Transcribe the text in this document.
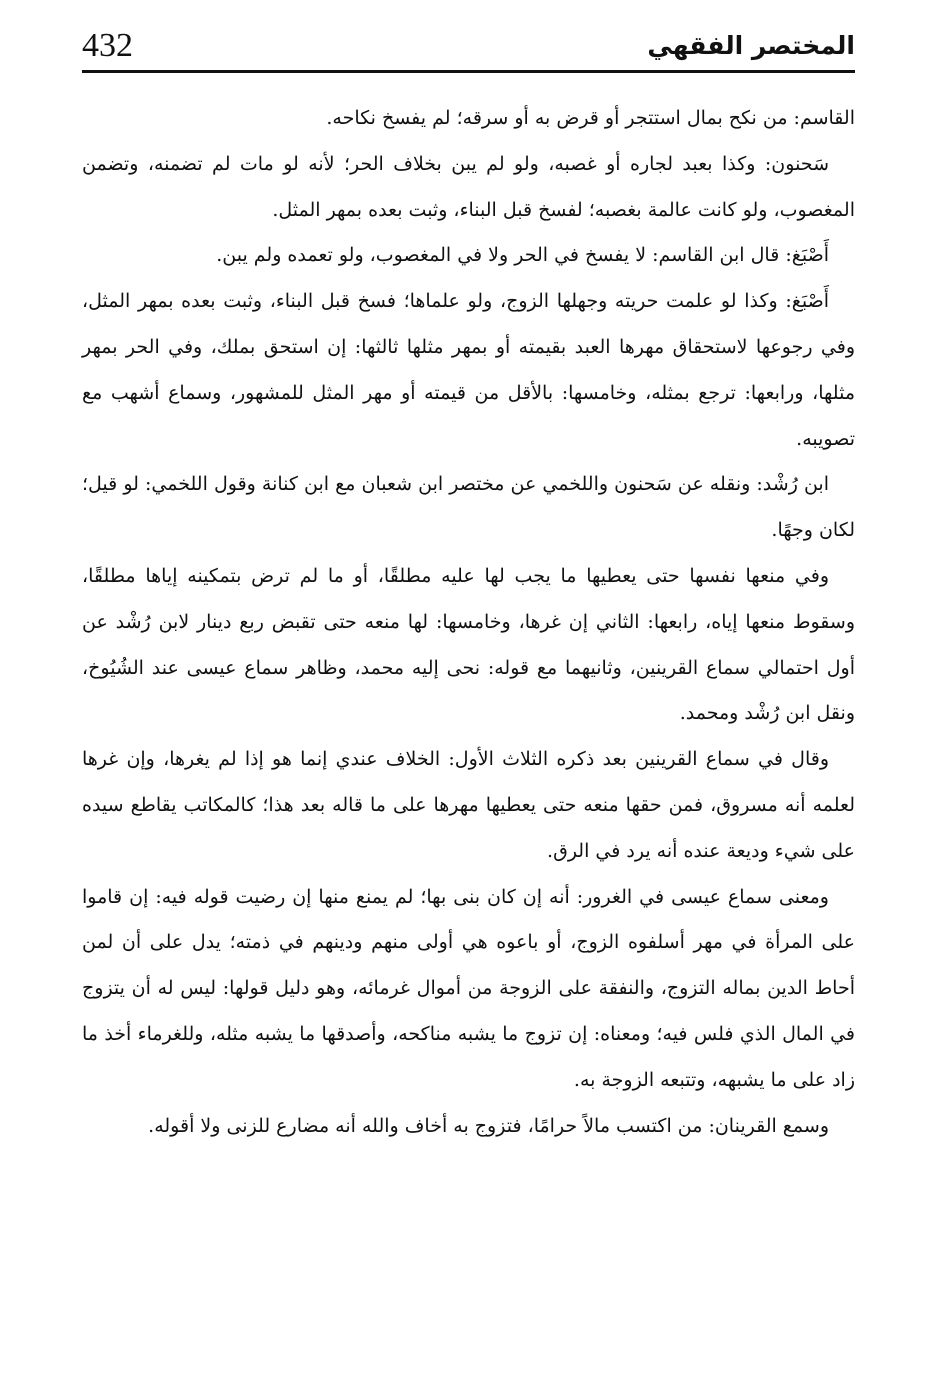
432	المختصر الفقهي

القاسم: من نكح بمال استتجر أو قرض به أو سرقه؛ لم يفسخ نكاحه.

سَحنون: وكذا بعبد لجاره أو غصبه، ولو لم يبن بخلاف الحر؛ لأنه لو مات لم تضمنه، وتضمن المغصوب، ولو كانت عالمة بغصبه؛ لفسخ قبل البناء، وثبت بعده بمهر المثل.

أَصْبَغ: قال ابن القاسم: لا يفسخ في الحر ولا في المغصوب، ولو تعمده ولم يبن.

أَصْبَغ: وكذا لو علمت حريته وجهلها الزوج، ولو علماها؛ فسخ قبل البناء، وثبت بعده بمهر المثل، وفي رجوعها لاستحقاق مهرها العبد بقيمته أو بمهر مثلها ثالثها: إن استحق بملك، وفي الحر بمهر مثلها، ورابعها: ترجع بمثله، وخامسها: بالأقل من قيمته أو مهر المثل للمشهور، وسماع أشهب مع تصويبه.

ابن رُشْد: ونقله عن سَحنون واللخمي عن مختصر ابن شعبان مع ابن كنانة وقول اللخمي: لو قيل؛ لكان وجهًا.

وفي منعها نفسها حتى يعطيها ما يجب لها عليه مطلقًا، أو ما لم ترض بتمكينه إياها مطلقًا، وسقوط منعها إياه، رابعها: الثاني إن غرها، وخامسها: لها منعه حتى تقبض ربع دينار لابن رُشْد عن أول احتمالي سماع القرينين، وثانيهما مع قوله: نحى إليه محمد، وظاهر سماع عيسى عند الشُيُوخ، ونقل ابن رُشْد ومحمد.

وقال في سماع القرينين بعد ذكره الثلاث الأول: الخلاف عندي إنما هو إذا لم يغرها، وإن غرها لعلمه أنه مسروق، فمن حقها منعه حتى يعطيها مهرها على ما قاله بعد هذا؛ كالمكاتب يقاطع سيده على شيء وديعة عنده أنه يرد في الرق.

ومعنى سماع عيسى في الغرور: أنه إن كان بنى بها؛ لم يمنع منها إن رضيت قوله فيه: إن قاموا على المرأة في مهر أسلفوه الزوج، أو باعوه هي أولى منهم ودينهم في ذمته؛ يدل على أن لمن أحاط الدين بماله التزوج، والنفقة على الزوجة من أموال غرمائه، وهو دليل قولها: ليس له أن يتزوج في المال الذي فلس فيه؛ ومعناه: إن تزوج ما يشبه مناكحه، وأصدقها ما يشبه مثله، وللغرماء أخذ ما زاد على ما يشبهه، وتتبعه الزوجة به.

وسمع القرينان: من اكتسب مالاً حرامًا، فتزوج به أخاف والله أنه مضارع للزنى ولا أقوله.
